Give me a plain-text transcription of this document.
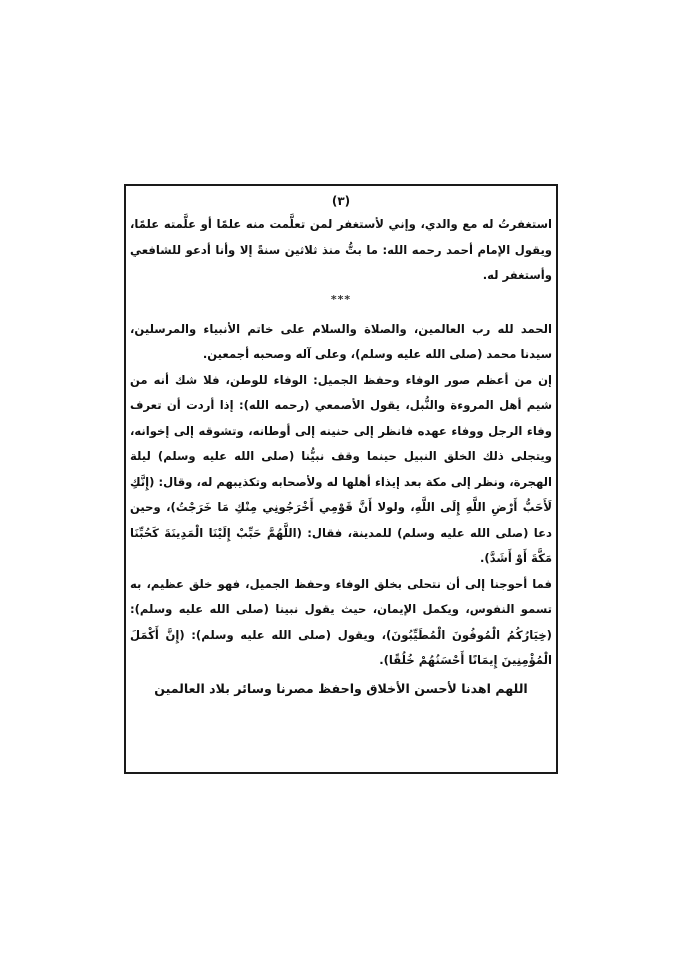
(٣)

استغفرتُ له مع والدي، وإني لأستغفر لمن تعلَّمت منه علمًا أو علَّمته علمًا، ويقول الإمام أحمد رحمه الله: ما بتُّ منذ ثلاثين سنةً إلا وأنا أدعو للشافعي وأستغفر له.

***

الحمد لله رب العالمين، والصلاة والسلام على خاتم الأنبياء والمرسلين، سيدنا محمد (صلى الله عليه وسلم)، وعلى آله وصحبه أجمعين.

إن من أعظم صور الوفاء وحفظ الجميل: الوفاء للوطن، فلا شك أنه من شيم أهل المروءة والنُّبل، يقول الأصمعي (رحمه الله): إذا أردت أن تعرف وفاء الرجل ووفاء عهده فانظر إلى حنينه إلى أوطانه، وتشوقه إلى إخوانه، ويتجلى ذلك الخلق النبيل حينما وقف نبيُّنا (صلى الله عليه وسلم) ليلة الهجرة، ونظر إلى مكة بعد إيذاء أهلها له ولأصحابه وتكذيبهم له، وقال: (إِنَّكِ لَأَحَبُّ أَرْضِ اللَّهِ إِلَى اللَّهِ، ولولا أَنَّ قَوْمِي أَخْرَجُونِي مِنْكِ مَا خَرَجْتُ)، وحين دعا (صلى الله عليه وسلم) للمدينة، فقال: (اللَّهُمَّ حَبِّبْ إِلَيْنَا الْمَدِينَةَ كَحُبِّنَا مَكَّةَ أَوْ أَشَدَّ).

فما أحوجنا إلى أن نتحلى بخلق الوفاء وحفظ الجميل، فهو خلق عظيم، به تسمو النفوس، ويكمل الإيمان، حيث يقول نبينا (صلى الله عليه وسلم): (خِيَارُكُمُ الْمُوفُونَ الْمُطَيِّبُونَ)، ويقول (صلى الله عليه وسلم): (إِنَّ أَكْمَلَ الْمُؤْمِنِينَ إِيمَانًا أَحْسَنُهُمْ خُلُقًا).

اللهم اهدنا لأحسن الأخلاق واحفظ مصرنا وسائر بلاد العالمين
